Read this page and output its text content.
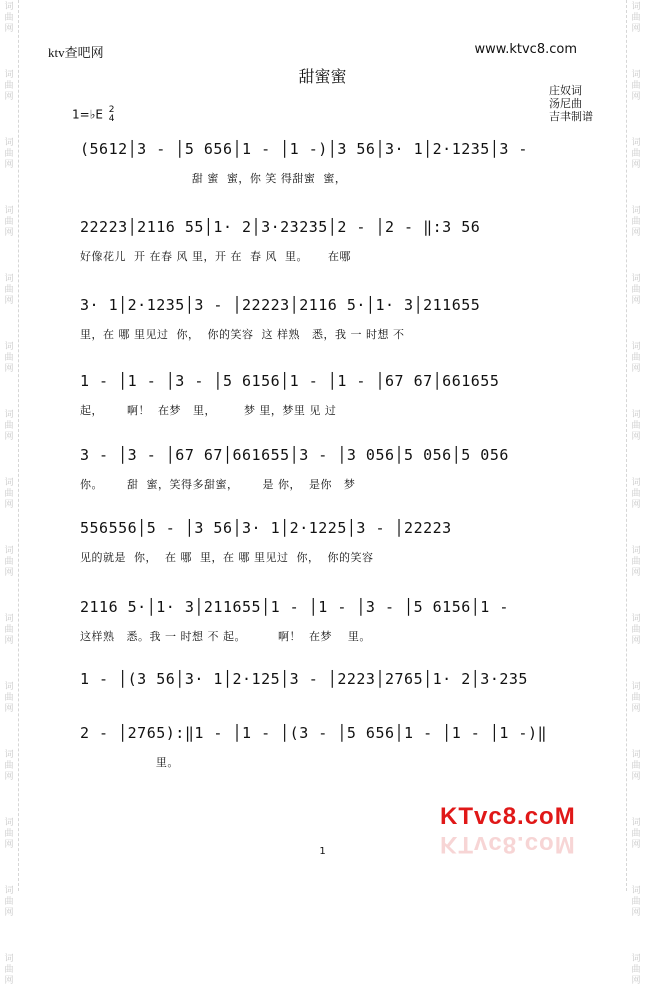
词
曲
网
词
曲
网
词
曲
网
词
曲
网
词
曲
网
词
曲
网
词
曲
网
词
曲
网
词
曲
网
词
曲
网
词
曲
网
词
曲
网
词
曲
网
词
曲
网
词
曲
网
词
曲
网
词
曲
网
词
曲
网
词
曲
网
词
曲
网
词
曲
网
词
曲
网
词
曲
网
词
曲
网
词
曲
网
词
曲
网
词
曲
网
词
曲
网
词
曲
网
词
曲
网
ktv查吧网	www.ktvc8.com
甜蜜蜜
庄奴词
汤尼曲
吉聿制谱
1=♭E 2
4
(5612│3 - │5 656│1 - │1 -)│3 56│3· 1│2·1235│3 -
甜 蜜  蜜，你 笑 得甜蜜  蜜，
22223│2116 55│1· 2│3·23235│2 - │2 - ‖:3 56
好像花儿  开 在春 风 里，开 在  春 风  里。     在哪
3· 1│2·1235│3 - │22223│2116 5·│1· 3│211655
里，在 哪 里见过  你，  你的笑容  这 样熟   悉，我 一 时想 不
1 - │1 - │3 - │5 6156│1 - │1 - │67 67│661655
起，      啊！  在梦   里，       梦 里，梦里 见 过
3 - │3 - │67 67│661655│3 - │3 056│5 056│5 056
你。      甜  蜜，笑得多甜蜜，      是 你，  是你   梦
556556│5 - │3 56│3· 1│2·1225│3 - │22223
见的就是  你，  在 哪  里，在 哪 里见过  你，  你的笑容
2116 5·│1· 3│211655│1 - │1 - │3 - │5 6156│1 -
这样熟   悉。我 一 时想 不 起。        啊！  在梦    里。
1 - │(3 56│3· 1│2·125│3 - │2223│2765│1· 2│3·235
2 - │2765):‖1 - │1 - │(3 - │5 656│1 - │1 - │1 -)‖
里。
KTvc8.coM
KTvc8.coM
1
